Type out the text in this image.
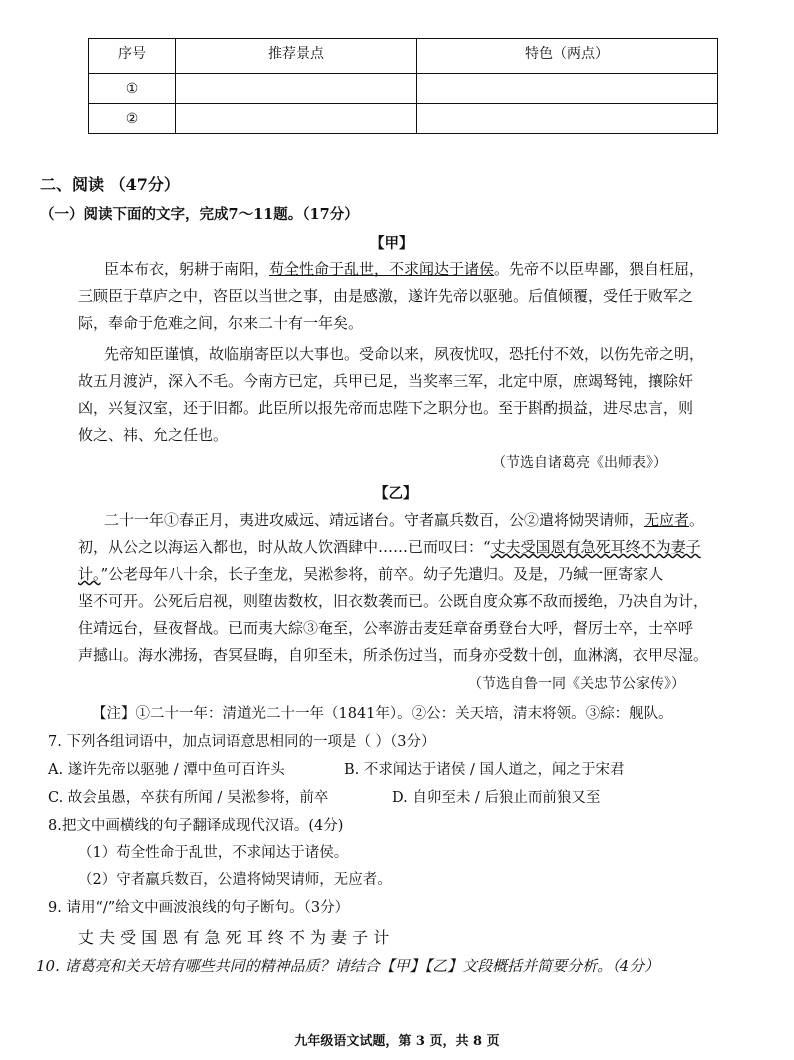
序号	推荐景点	特色（两点）
①		
②		
二、阅读 （47分）
（一）阅读下面的文字，完成7～11题。（17分）
【甲】
臣本布衣，躬耕于南阳，苟全性命于乱世，不求闻达于诸侯。先帝不以臣卑鄙，猥自枉屈，
三顾臣于草庐之中，咨臣以当世之事，由是感激，遂许先帝以驱驰。后值倾覆，受任于败军之
际，奉命于危难之间，尔来二十有一年矣。
先帝知臣谨慎，故临崩寄臣以大事也。受命以来，夙夜忧叹，恐托付不效，以伤先帝之明，
故五月渡泸，深入不毛。今南方已定，兵甲已足，当奖率三军，北定中原，庶竭驽钝，攘除奸
凶，兴复汉室，还于旧都。此臣所以报先帝而忠陛下之职分也。至于斟酌损益，进尽忠言，则
攸之、祎、允之任也。
（节选自诸葛亮《出师表》）
【乙】
二十一年①春正月，夷进攻威远、靖远诸台。守者羸兵数百，公②遣将恸哭请师，无应者。
初，从公之以海运入都也，时从故人饮酒肆中……已而叹曰：“丈夫受国恩有急死耳终不为妻子
计。”公老母年八十余，长子奎龙，吴淞参将，前卒。幼子先遣归。及是，乃缄一匣寄家人
坚不可开。公死后启视，则堕齿数枚，旧衣数袭而已。公既自度众寡不敌而援绝，乃决自为计，
住靖远台，昼夜督战。已而夷大綜③奄至，公率游击麦廷章奋勇登台大呼，督厉士卒，士卒呼
声撼山。海水沸扬，杳冥昼晦，自卯至未，所杀伤过当，而身亦受数十创，血淋漓，衣甲尽湿。
（节选自鲁一同《关忠节公家传》）
【注】①二十一年：清道光二十一年（1841年）。②公：关天培，清末将领。③綜：舰队。
7. 下列各组词语中，加点词语意思相同的一项是（ ）（3分）
A. 遂许先帝以驱驰 / 潭中鱼可百许头	B. 不求闻达于诸侯 / 国人道之，闻之于宋君
C. 故会虽愚，卒获有所闻 / 吴淞参将，前卒	D. 自卯至未 / 后狼止而前狼又至
8.把文中画横线的句子翻译成现代汉语。(4分)
（1）苟全性命于乱世，不求闻达于诸侯。
（2）守者羸兵数百，公遣将恸哭请师，无应者。
9. 请用“/”给文中画波浪线的句子断句。（3分）
丈 夫 受 国 恩 有 急 死 耳 终 不 为 妻 子 计
10. 诸葛亮和关天培有哪些共同的精神品质？请结合【甲】【乙】文段概括并简要分析。（4分）
九年级语文试题，第 3 页，共 8 页
